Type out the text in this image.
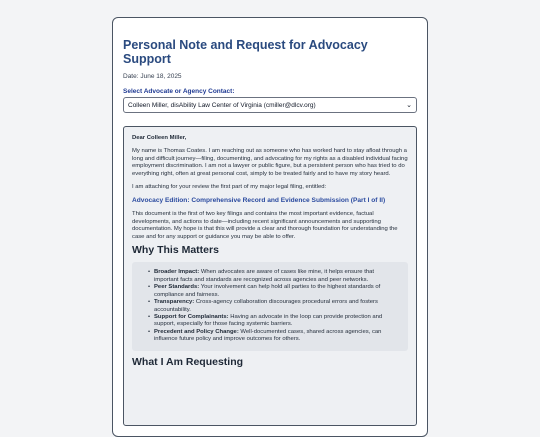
Personal Note and Request for Advocacy Support
Date: June 18, 2025
Select Advocate or Agency Contact:
Colleen Miller, disAbility Law Center of Virginia (cmiller@dlcv.org)	⌄

Dear Colleen Miller,

My name is Thomas Coates. I am reaching out as someone who has worked hard to stay afloat through a long and difficult journey—filing, documenting, and advocating for my rights as a disabled individual facing employment discrimination. I am not a lawyer or public figure, but a persistent person who has tried to do everything right, often at great personal cost, simply to be treated fairly and to have my story heard.

I am attaching for your review the first part of my major legal filing, entitled:

Advocacy Edition: Comprehensive Record and Evidence Submission (Part I of II)

This document is the first of two key filings and contains the most important evidence, factual developments, and actions to date—including recent significant announcements and supporting documentation. My hope is that this will provide a clear and thorough foundation for understanding the case and for any support or guidance you may be able to offer.

Why This Matters
• Broader Impact: When advocates are aware of cases like mine, it helps ensure that important facts and standards are recognized across agencies and peer networks.
• Peer Standards: Your involvement can help hold all parties to the highest standards of compliance and fairness.
• Transparency: Cross-agency collaboration discourages procedural errors and fosters accountability.
• Support for Complainants: Having an advocate in the loop can provide protection and support, especially for those facing systemic barriers.
• Precedent and Policy Change: Well-documented cases, shared across agencies, can influence future policy and improve outcomes for others.
What I Am Requesting
